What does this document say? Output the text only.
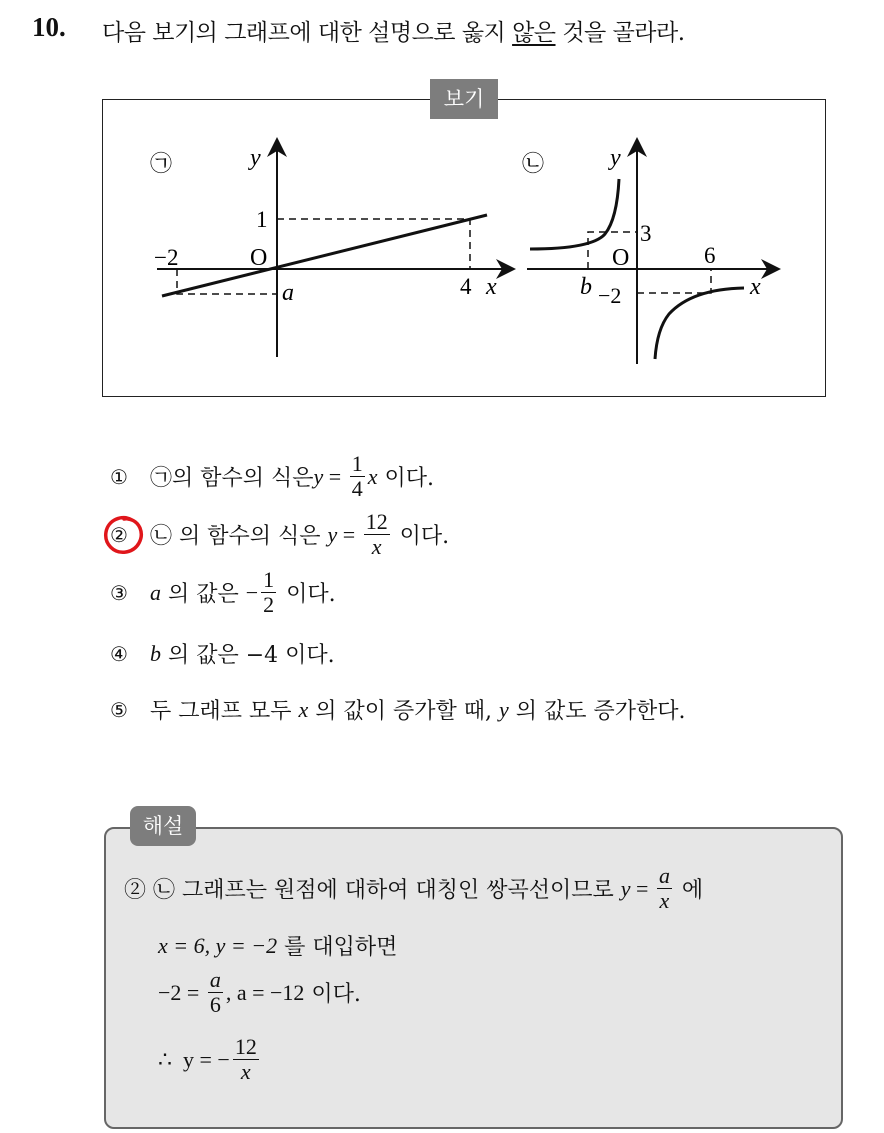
10. 다음 보기의 그래프에 대한 설명으로 옳지 않은 것을 골라라.
㉠	y
x
O
−2
1
4
a
㉡	y
x
O
3
6
b −2
보기
①	㉠의 함수의 식은 $y = \frac{1}{4}$ x 이다.
②	㉡ 의 함수의 식은 $y = \frac{12}{x}$ 이다.
③	a 의 값은 − $\frac{1}{2}$ 이다.
④	b 의 값은 −4 이다.
⑤	두 그래프 모두 x 의 값이 증가할 때, y 의 값도 증가한다.
해설
② ㉡ 그래프는 원점에 대하여 대칭인 쌍곡선이므로 $y = \frac{a}{x}$ 에
x = 6, y = −2 를 대입하면
$-2 = \frac{a}{6}$ , a = −12 이다.
∴  y = − $\frac{12}{x}$
